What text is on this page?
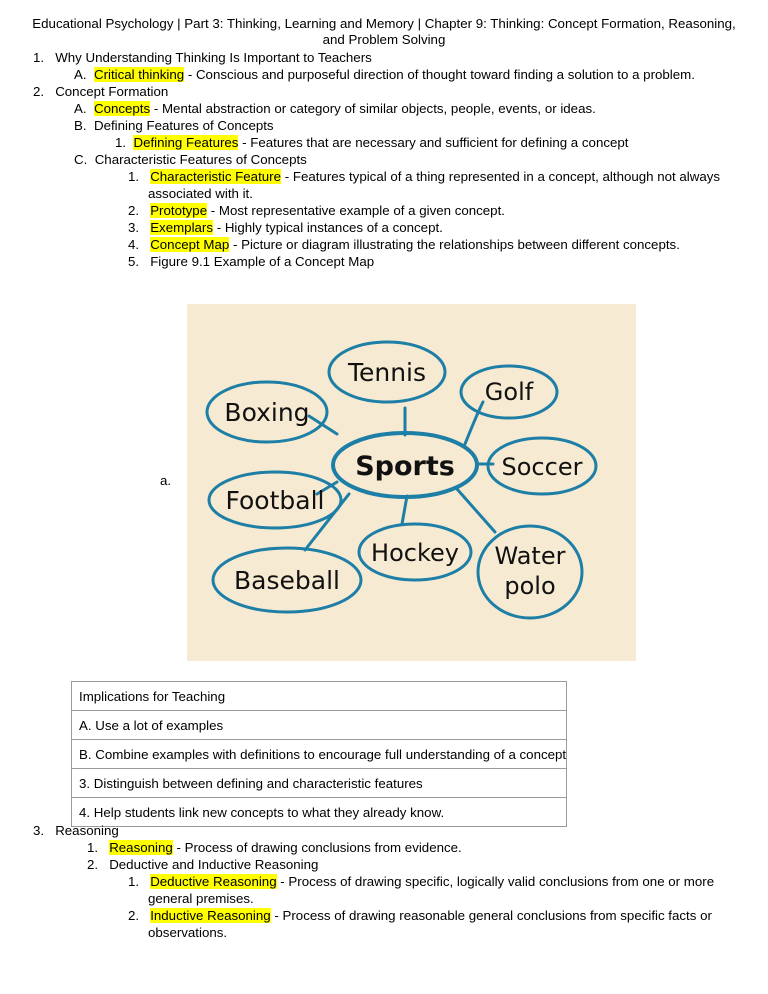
Educational Psychology | Part 3: Thinking, Learning and Memory | Chapter 9: Thinking: Concept Formation, Reasoning,
and Problem Solving
1. Why Understanding Thinking Is Important to Teachers
A. Critical thinking - Conscious and purposeful direction of thought toward finding a solution to a problem.
2. Concept Formation
A. Concepts - Mental abstraction or category of similar objects, people, events, or ideas.
B. Defining Features of Concepts
1. Defining Features - Features that are necessary and sufficient for defining a concept
C. Characteristic Features of Concepts
1. Characteristic Feature - Features typical of a thing represented in a concept, although not always
associated with it.
2. Prototype - Most representative example of a given concept.
3. Exemplars - Highly typical instances of a concept.
4. Concept Map - Picture or diagram illustrating the relationships between different concepts.
5. Figure 9.1 Example of a Concept Map
a.	Sports
Tennis
Golf
Boxing
Soccer
Football
Hockey Water
polo
Baseball
Implications for Teaching
A. Use a lot of examples
B. Combine examples with definitions to encourage full understanding of a concept
3. Distinguish between defining and characteristic features
4. Help students link new concepts to what they already know.
3. Reasoning
1. Reasoning - Process of drawing conclusions from evidence.
2. Deductive and Inductive Reasoning
1. Deductive Reasoning - Process of drawing specific, logically valid conclusions from one or more
general premises.
2. Inductive Reasoning - Process of drawing reasonable general conclusions from specific facts or
observations.
